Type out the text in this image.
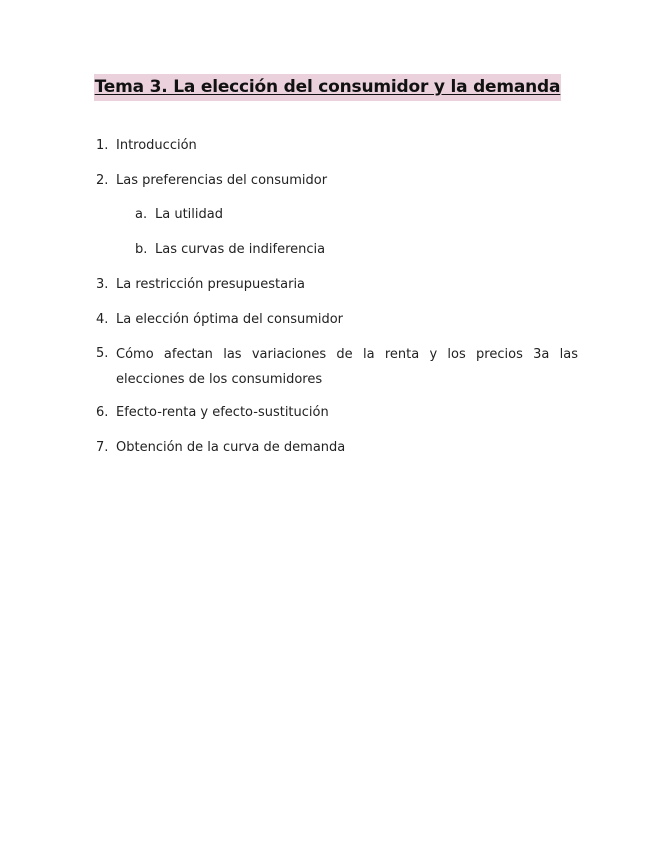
Tema 3. La elección del consumidor y la demanda
1. Introducción
2. Las preferencias del consumidor
a. La utilidad
b. Las curvas de indiferencia
3. La restricción presupuestaria
4. La elección óptima del consumidor
5. Cómo afectan las variaciones de la renta y los precios 3a las elecciones de los consumidores
6. Efecto-renta y efecto-sustitución
7. Obtención de la curva de demanda
